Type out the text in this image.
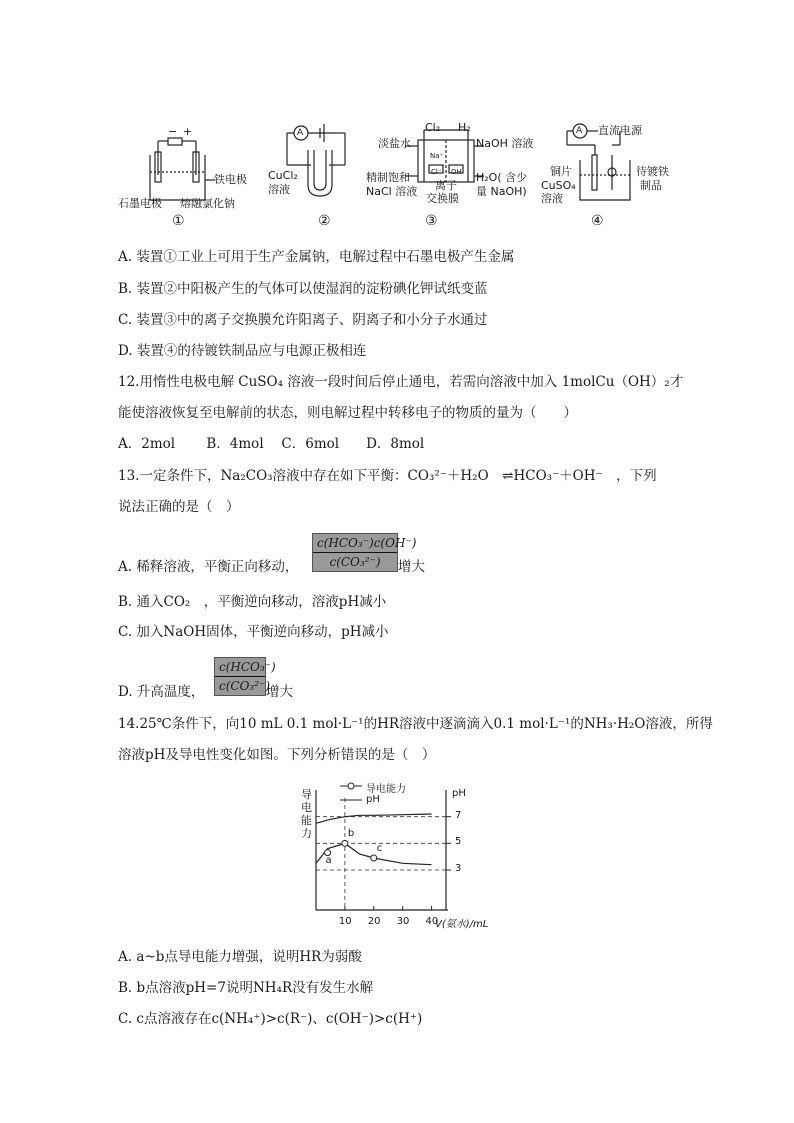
− +
铁电极
石墨电极 熔融氯化钠
①
A
CuCl₂
溶液
②
Cl₂ H₂
淡盐水	NaOH 溶液
精制饱和
NaCl 溶液
H₂O( 含少
量 NaOH)
离子
交换膜
Na⁺
Cl⁻ OH
③
A 直流电源
铜片
CuSO₄
溶液
待镀铁
制品
④
A. 装置①工业上可用于生产金属钠，电解过程中石墨电极产生金属
B. 装置②中阳极产生的气体可以使湿润的淀粉碘化钾试纸变蓝
C. 装置③中的离子交换膜允许阳离子、阴离子和小分子水通过
D. 装置④的待镀铁制品应与电源正极相连
12.用惰性电极电解 CuSO₄ 溶液一段时间后停止通电，若需向溶液中加入 1molCu（OH）₂才
能使溶液恢复至电解前的状态，则电解过程中转移电子的物质的量为（　　）
A．2mol　　 B．4mol　 C．6mol　　D．8mol
13.一定条件下，Na₂CO₃溶液中存在如下平衡：CO₃²⁻＋H₂O　⇌HCO₃⁻＋OH⁻　，下列
说法正确的是（　）
A. 稀释溶液，平衡正向移动，
c(HCO₃⁻)c(OH⁻)
c(CO₃²⁻)	增大
B. 通入CO₂　，平衡逆向移动，溶液pH减小
C. 加入NaOH固体，平衡逆向移动，pH减小
D. 升高温度，
c(HCO₃⁻)
c(CO₃²⁻)
增大
14.25℃条件下，向10 mL 0.1 mol·L⁻¹的HR溶液中逐滴滴入0.1 mol·L⁻¹的NH₃·H₂O溶液，所得
溶液pH及导电性变化如图。下列分析错误的是（　）
导电能力
pH
V(氨水)/mL
7
5
3
10 20 30 40
a
b
c
导电能力
pH
A. a~b点导电能力增强，说明HR为弱酸
B. b点溶液pH=7说明NH₄R没有发生水解
C. c点溶液存在c(NH₄⁺)>c(R⁻)、c(OH⁻)>c(H⁺)
